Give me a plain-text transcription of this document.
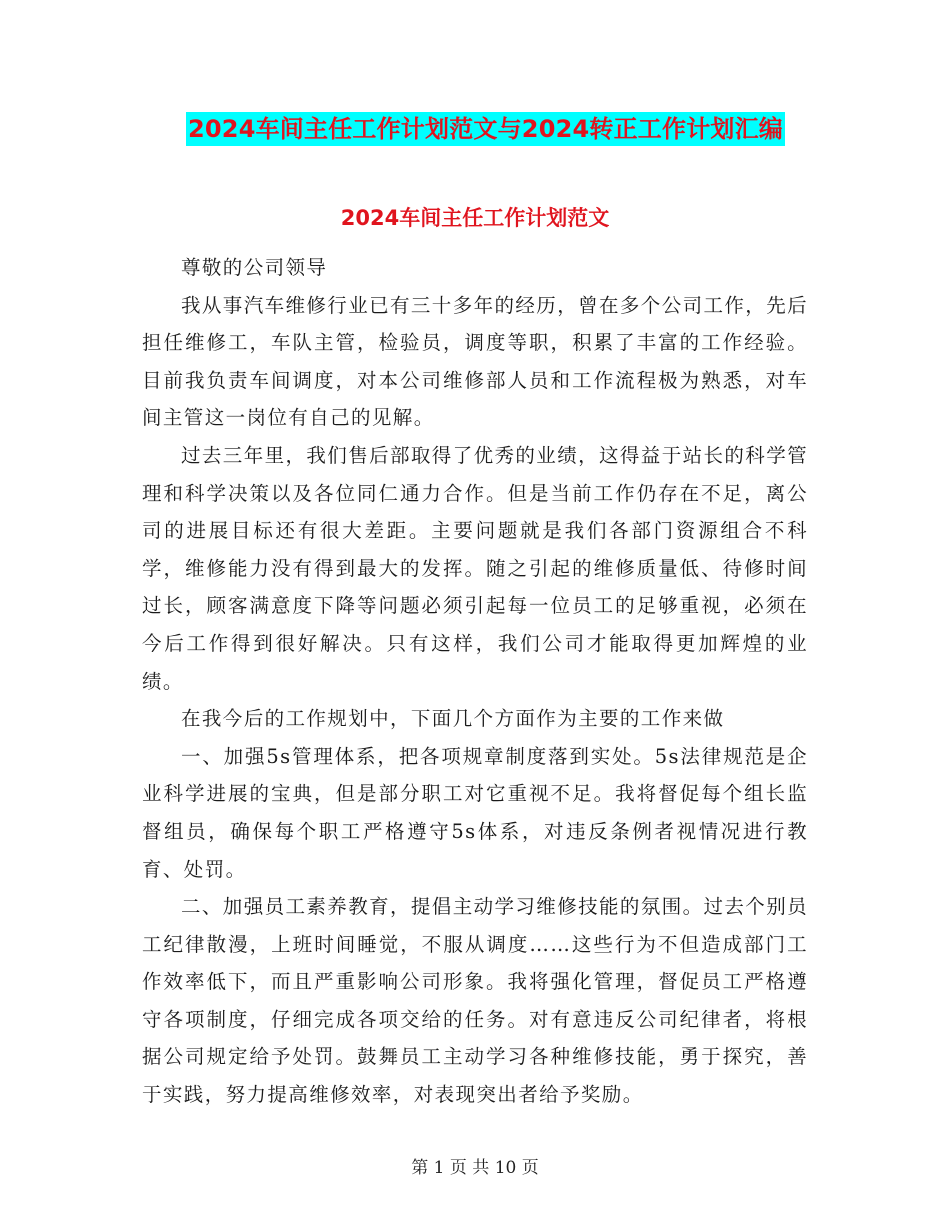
2024车间主任工作计划范文与2024转正工作计划汇编
2024车间主任工作计划范文

尊敬的公司领导

我从事汽车维修行业已有三十多年的经历，曾在多个公司工作，先后担任维修工，车队主管，检验员，调度等职，积累了丰富的工作经验。目前我负责车间调度，对本公司维修部人员和工作流程极为熟悉，对车间主管这一岗位有自己的见解。

过去三年里，我们售后部取得了优秀的业绩，这得益于站长的科学管理和科学决策以及各位同仁通力合作。但是当前工作仍存在不足，离公司的进展目标还有很大差距。主要问题就是我们各部门资源组合不科学，维修能力没有得到最大的发挥。随之引起的维修质量低、待修时间过长，顾客满意度下降等问题必须引起每一位员工的足够重视，必须在今后工作得到很好解决。只有这样，我们公司才能取得更加辉煌的业绩。

在我今后的工作规划中，下面几个方面作为主要的工作来做

一、加强5s管理体系，把各项规章制度落到实处。5s法律规范是企业科学进展的宝典，但是部分职工对它重视不足。我将督促每个组长监督组员，确保每个职工严格遵守5s体系，对违反条例者视情况进行教育、处罚。

二、加强员工素养教育，提倡主动学习维修技能的氛围。过去个别员工纪律散漫，上班时间睡觉，不服从调度……这些行为不但造成部门工作效率低下，而且严重影响公司形象。我将强化管理，督促员工严格遵守各项制度，仔细完成各项交给的任务。对有意违反公司纪律者，将根据公司规定给予处罚。鼓舞员工主动学习各种维修技能，勇于探究，善于实践，努力提高维修效率，对表现突出者给予奖励。

第 1 页 共 10 页
